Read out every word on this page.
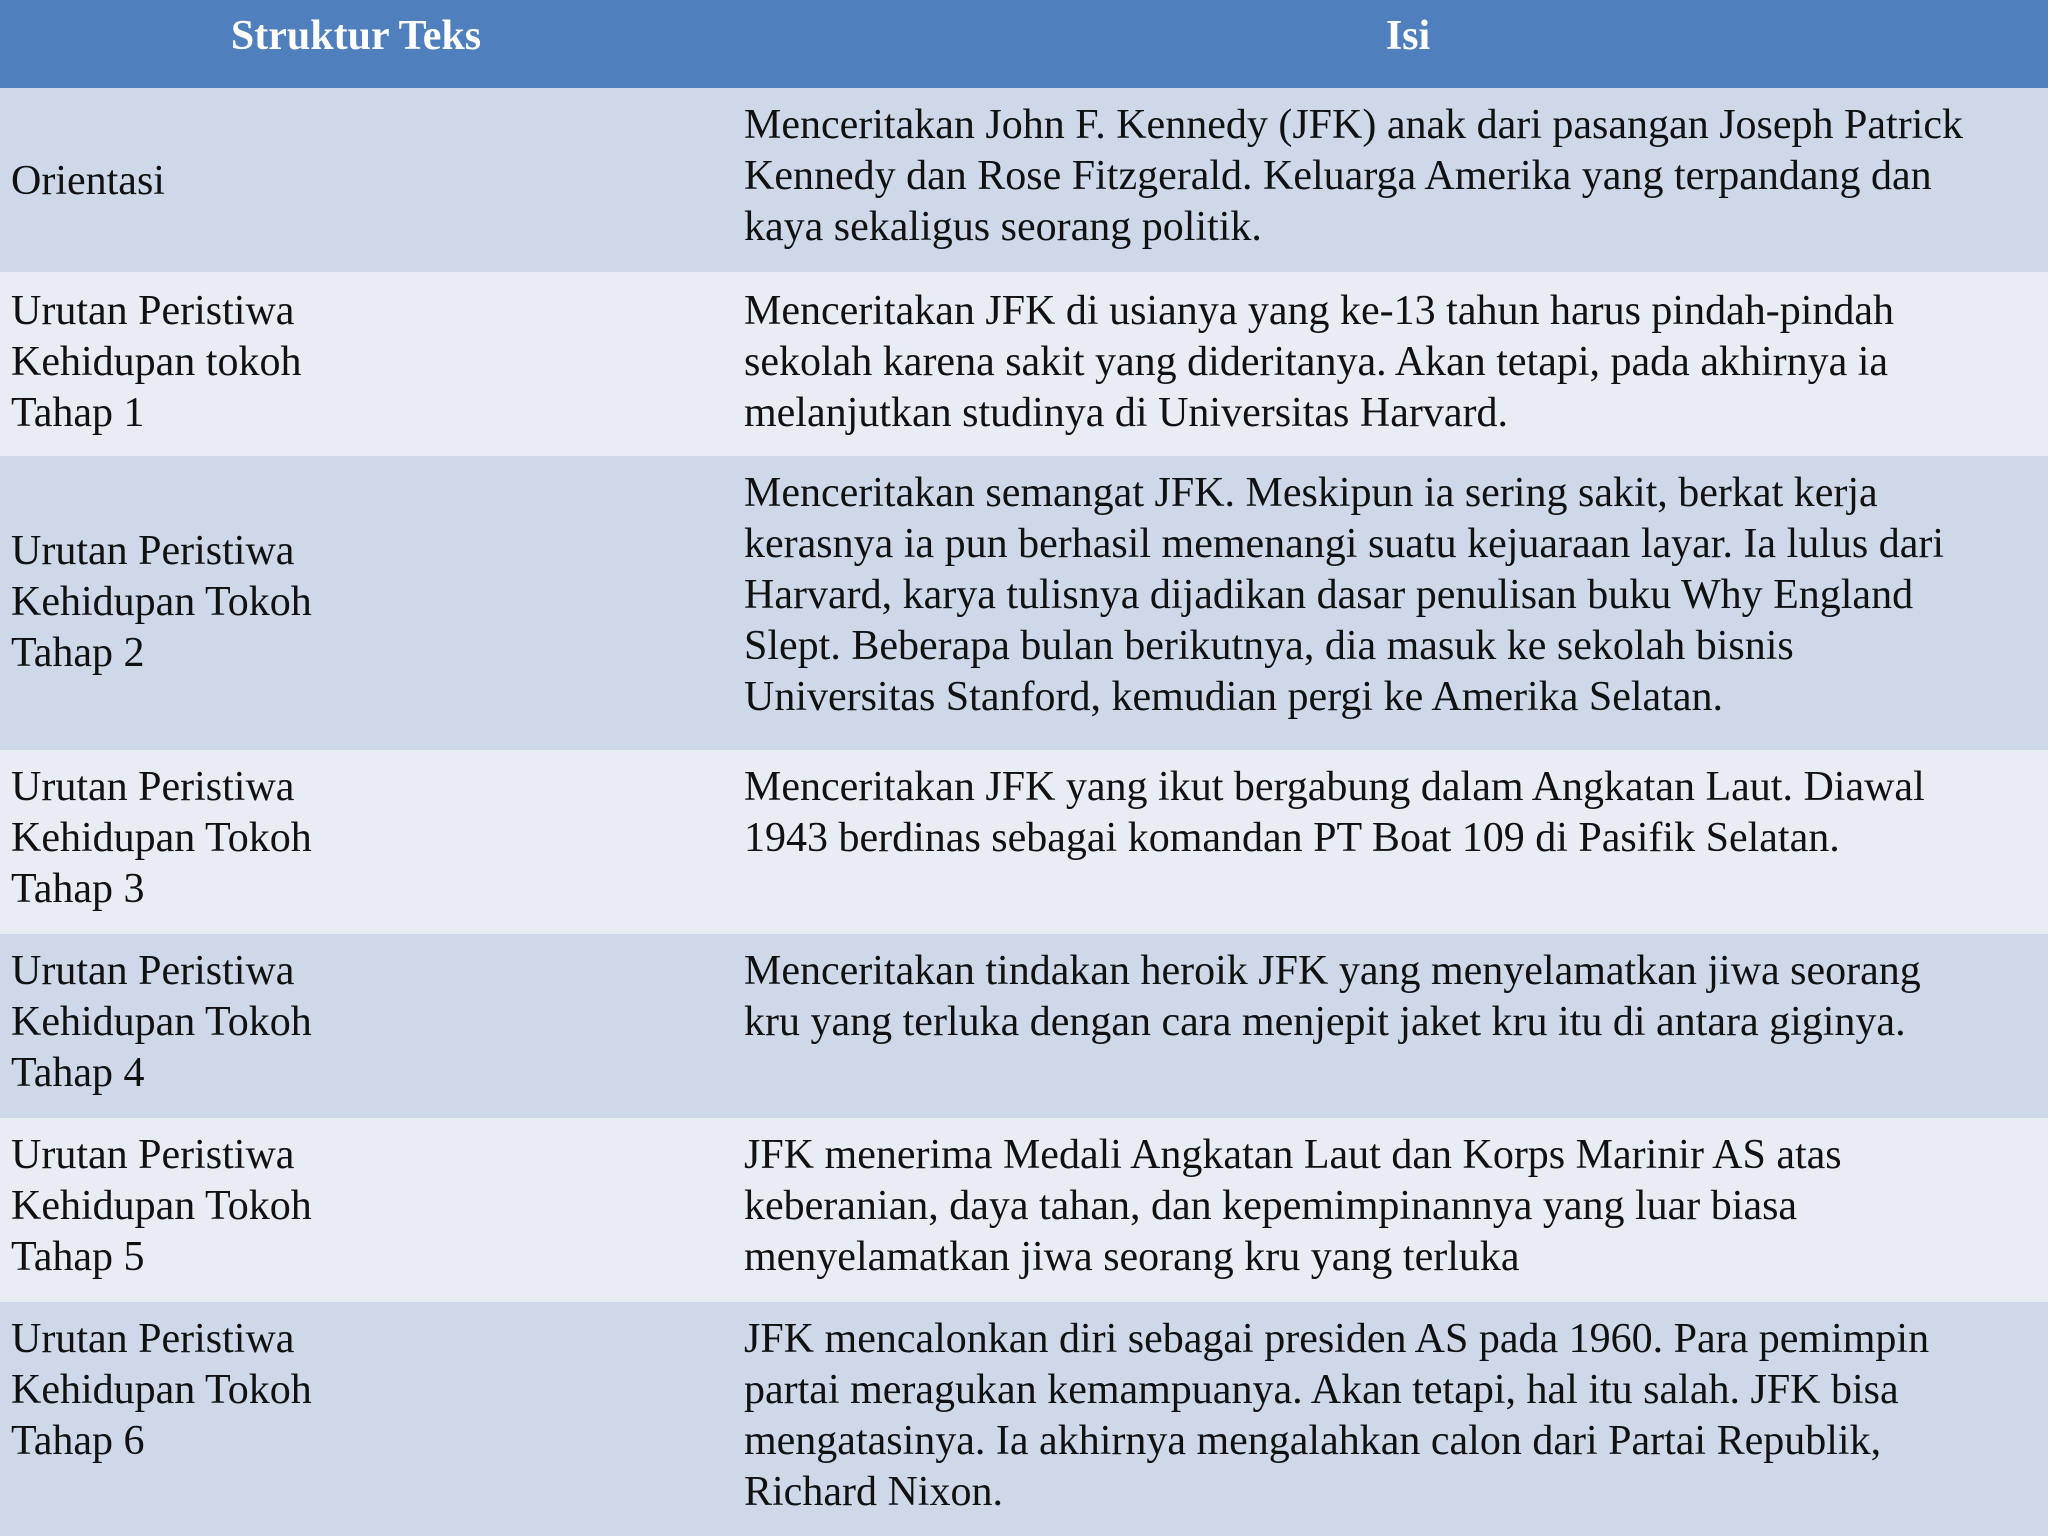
Struktur Teks	Isi
Orientasi
Menceritakan John F. Kennedy (JFK) anak dari pasangan Joseph Patrick
Kennedy dan Rose Fitzgerald. Keluarga Amerika yang terpandang dan
kaya sekaligus seorang politik.
Urutan Peristiwa
Kehidupan tokoh
Tahap 1
Menceritakan JFK di usianya yang ke-13 tahun harus pindah-pindah
sekolah karena sakit yang dideritanya. Akan tetapi, pada akhirnya ia
melanjutkan studinya di Universitas Harvard.
Urutan Peristiwa
Kehidupan Tokoh
Tahap 2
Menceritakan semangat JFK. Meskipun ia sering sakit, berkat kerja
kerasnya ia pun berhasil memenangi suatu kejuaraan layar. Ia lulus dari
Harvard, karya tulisnya dijadikan dasar penulisan buku Why England
Slept. Beberapa bulan berikutnya, dia masuk ke sekolah bisnis
Universitas Stanford, kemudian pergi ke Amerika Selatan.
Urutan Peristiwa
Kehidupan Tokoh
Tahap 3
Menceritakan JFK yang ikut bergabung dalam Angkatan Laut. Diawal
1943 berdinas sebagai komandan PT Boat 109 di Pasifik Selatan.
Urutan Peristiwa
Kehidupan Tokoh
Tahap 4
Menceritakan tindakan heroik JFK yang menyelamatkan jiwa seorang
kru yang terluka dengan cara menjepit jaket kru itu di antara giginya.
Urutan Peristiwa
Kehidupan Tokoh
Tahap 5
JFK menerima Medali Angkatan Laut dan Korps Marinir AS atas
keberanian, daya tahan, dan kepemimpinannya yang luar biasa
menyelamatkan jiwa seorang kru yang terluka
Urutan Peristiwa
Kehidupan Tokoh
Tahap 6
JFK mencalonkan diri sebagai presiden AS pada 1960. Para pemimpin
partai meragukan kemampuanya. Akan tetapi, hal itu salah. JFK bisa
mengatasinya. Ia akhirnya mengalahkan calon dari Partai Republik,
Richard Nixon.
